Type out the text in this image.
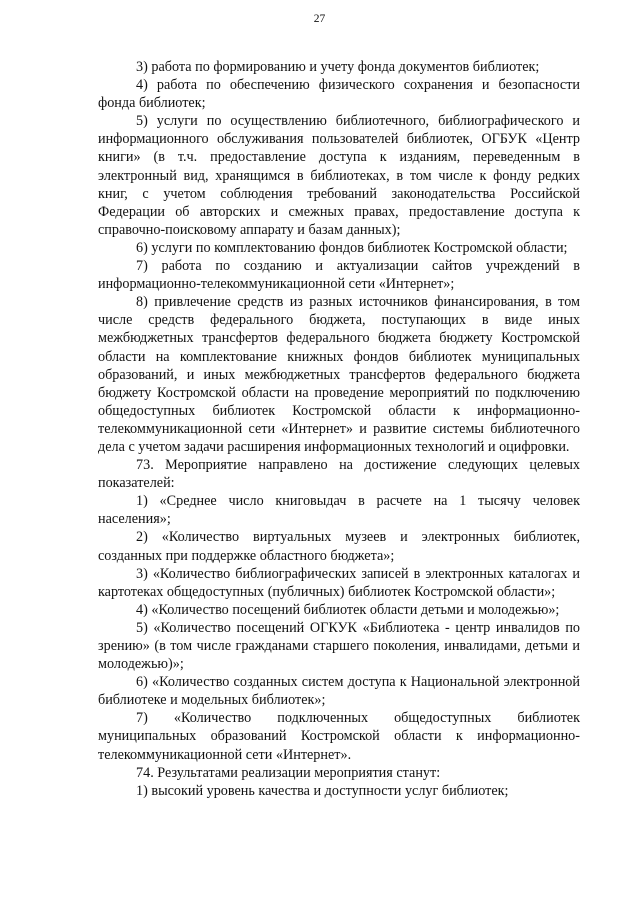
27

3) работа по формированию и учету фонда документов библиотек;

4) работа по обеспечению физического сохранения и безопасности фонда библиотек;

5) услуги по осуществлению библиотечного, библиографического и информационного обслуживания пользователей библиотек, ОГБУК «Центр книги» (в т.ч. предоставление доступа к изданиям, переведенным в электронный вид, хранящимся в библиотеках, в том числе к фонду редких книг, с учетом соблюдения требований законодательства Российской Федерации об авторских и смежных правах, предоставление доступа к справочно-поисковому аппарату и базам данных);

6) услуги по комплектованию фондов библиотек Костромской области;

7) работа по созданию и актуализации сайтов учреждений в информационно-телекоммуникационной сети «Интернет»;

8) привлечение средств из разных источников финансирования, в том числе средств федерального бюджета, поступающих в виде иных межбюджетных трансфертов федерального бюджета бюджету Костромской области на комплектование книжных фондов библиотек муниципальных образований, и иных межбюджетных трансфертов федерального бюджета бюджету Костромской области на проведение мероприятий по подключению общедоступных библиотек Костромской области к информационно-телекоммуникационной сети «Интернет» и развитие системы библиотечного дела с учетом задачи расширения информационных технологий и оцифровки.

73. Мероприятие направлено на достижение следующих целевых показателей:

1) «Среднее число книговыдач в расчете на 1 тысячу человек населения»;

2) «Количество виртуальных музеев и электронных библиотек, созданных при поддержке областного бюджета»;

3) «Количество библиографических записей в электронных каталогах и картотеках общедоступных (публичных) библиотек Костромской области»;

4) «Количество посещений библиотек области детьми и молодежью»;

5) «Количество посещений ОГКУК «Библиотека - центр инвалидов по зрению» (в том числе гражданами старшего поколения, инвалидами, детьми и молодежью)»;

6) «Количество созданных систем доступа к Национальной электронной библиотеке и модельных библиотек»;

7) «Количество подключенных общедоступных библиотек муниципальных образований Костромской области к информационно-телекоммуникационной сети «Интернет».

74. Результатами реализации мероприятия станут:

1) высокий уровень качества и доступности услуг библиотек;
